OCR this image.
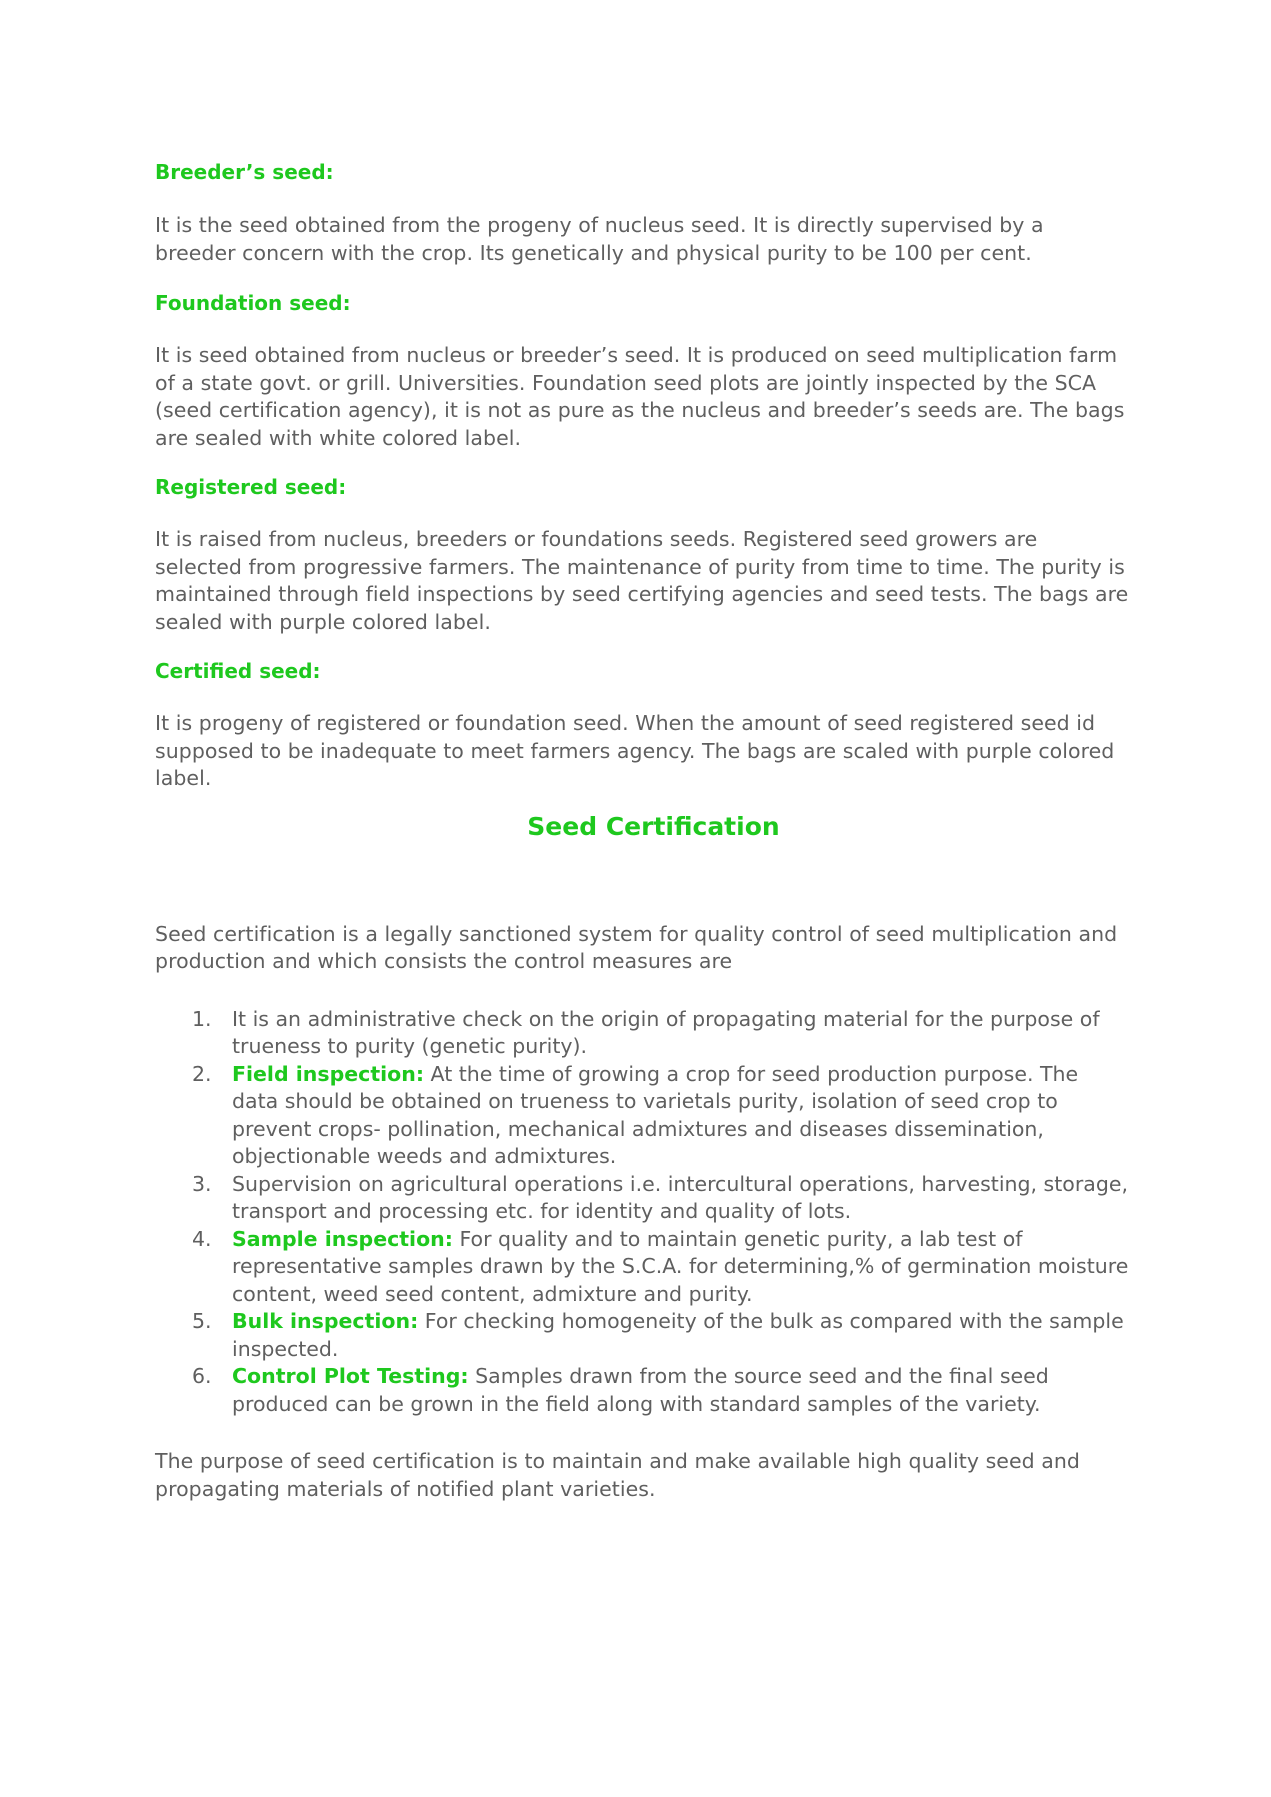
Breeder’s seed:

It is the seed obtained from the progeny of nucleus seed. It is directly supervised by a breeder concern with the crop. Its genetically and physical purity to be 100 per cent.

Foundation seed:

It is seed obtained from nucleus or breeder’s seed. It is produced on seed multiplication farm of a state govt. or grill. Universities. Foundation seed plots are jointly inspected by the SCA (seed certification agency), it is not as pure as the nucleus and breeder’s seeds are. The bags are sealed with white colored label.

Registered seed:

It is raised from nucleus, breeders or foundations seeds. Registered seed growers are selected from progressive farmers. The maintenance of purity from time to time. The purity is maintained through field inspections by seed certifying agencies and seed tests. The bags are sealed with purple colored label.

Certified seed:

It is progeny of registered or foundation seed. When the amount of seed registered seed id supposed to be inadequate to meet farmers agency. The bags are scaled with purple colored label.

Seed Certification

Seed certification is a legally sanctioned system for quality control of seed multiplication and production and which consists the control measures are

1. It is an administrative check on the origin of propagating material for the purpose of trueness to purity (genetic purity).
2. Field inspection: At the time of growing a crop for seed production purpose. The data should be obtained on trueness to varietals purity, isolation of seed crop to prevent crops- pollination, mechanical admixtures and diseases dissemination, objectionable weeds and admixtures.
3. Supervision on agricultural operations i.e. intercultural operations, harvesting, storage, transport and processing etc. for identity and quality of lots.
4. Sample inspection: For quality and to maintain genetic purity, a lab test of representative samples drawn by the S.C.A. for determining,% of germination moisture content, weed seed content, admixture and purity.
5. Bulk inspection: For checking homogeneity of the bulk as compared with the sample inspected.
6. Control Plot Testing: Samples drawn from the source seed and the final seed produced can be grown in the field along with standard samples of the variety.

The purpose of seed certification is to maintain and make available high quality seed and propagating materials of notified plant varieties.
